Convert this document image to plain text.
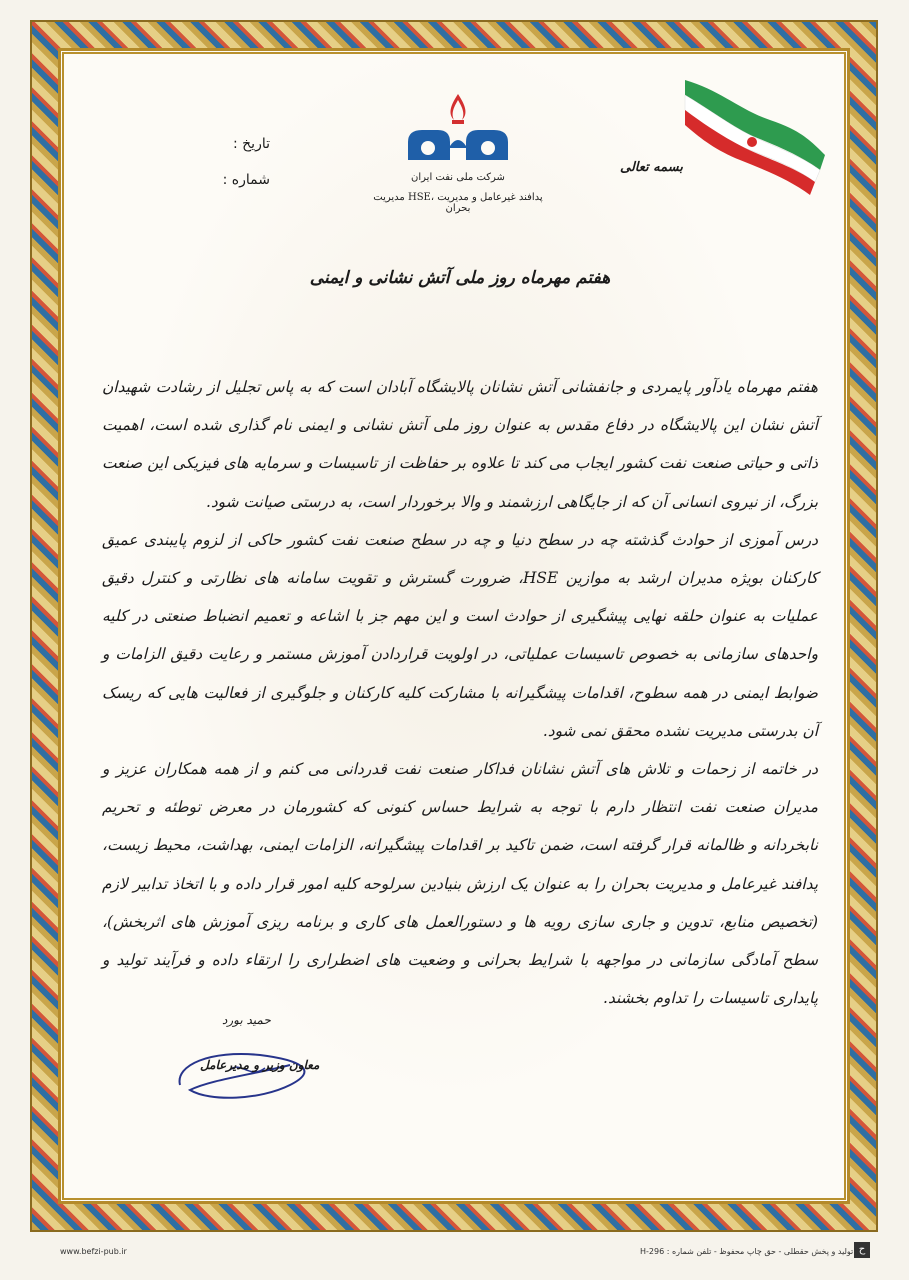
شرکت ملی نفت ایران
مدیریت HSE، پدافند غیرعامل و مدیریت بحران
بسمه تعالی
تاریخ :
شماره :
هفتم مهرماه روز ملی آتش نشانی و ایمنی

هفتم مهرماه یادآور پایمردی و جانفشانی آتش نشانان پالایشگاه آبادان است که به پاس تجلیل از رشادت شهیدان آتش نشان این پالایشگاه در دفاع مقدس به عنوان روز ملی آتش نشانی و ایمنی نام گذاری شده است، اهمیت ذاتی و حیاتی صنعت نفت کشور ایجاب می کند تا علاوه بر حفاظت از تاسیسات و سرمایه های فیزیکی این صنعت بزرگ، از نیروی انسانی آن که از جایگاهی ارزشمند و والا برخوردار است، به درستی صیانت شود.

درس آموزی از حوادث گذشته چه در سطح دنیا و چه در سطح صنعت نفت کشور حاکی از لزوم پایبندی عمیق کارکنان بویژه مدیران ارشد به موازین HSE، ضرورت گسترش و تقویت سامانه های نظارتی و کنترل دقیق عملیات به عنوان حلقه نهایی پیشگیری از حوادث است و این مهم جز با اشاعه و تعمیم انضباط صنعتی در کلیه واحدهای سازمانی به خصوص تاسیسات عملیاتی، در اولویت قراردادن آموزش مستمر و رعایت دقیق الزامات و ضوابط ایمنی در همه سطوح، اقدامات پیشگیرانه با مشارکت کلیه کارکنان و جلوگیری از فعالیت هایی که ریسک آن بدرستی مدیریت نشده محقق نمی شود.

در خاتمه از زحمات و تلاش های آتش نشانان فداکار صنعت نفت قدردانی می کنم و از همه همکاران عزیز و مدیران صنعت نفت انتظار دارم با توجه به شرایط حساس کنونی که کشورمان در معرض توطئه و تحریم نابخردانه و ظالمانه قرار گرفته است، ضمن تاکید بر اقدامات پیشگیرانه، الزامات ایمنی، بهداشت، محیط زیست، پدافند غیرعامل و مدیریت بحران را به عنوان یک ارزش بنیادین سرلوحه کلیه امور قرار داده و با اتخاذ تدابیر لازم (تخصیص منابع، تدوین و جاری سازی رویه ها و دستورالعمل های کاری و برنامه ریزی آموزش های اثربخش)، سطح آمادگی سازمانی در مواجهه با شرایط بحرانی و وضعیت های اضطراری را ارتقاء داده و فرآیند تولید و پایداری تاسیسات را تداوم بخشند.

حمید بورد
معاون وزیر و مدیرعامل
www.befzi-pub.ir	تولید و پخش حقطلی - حق چاپ محفوظ - تلفن شماره : H-296 ح
